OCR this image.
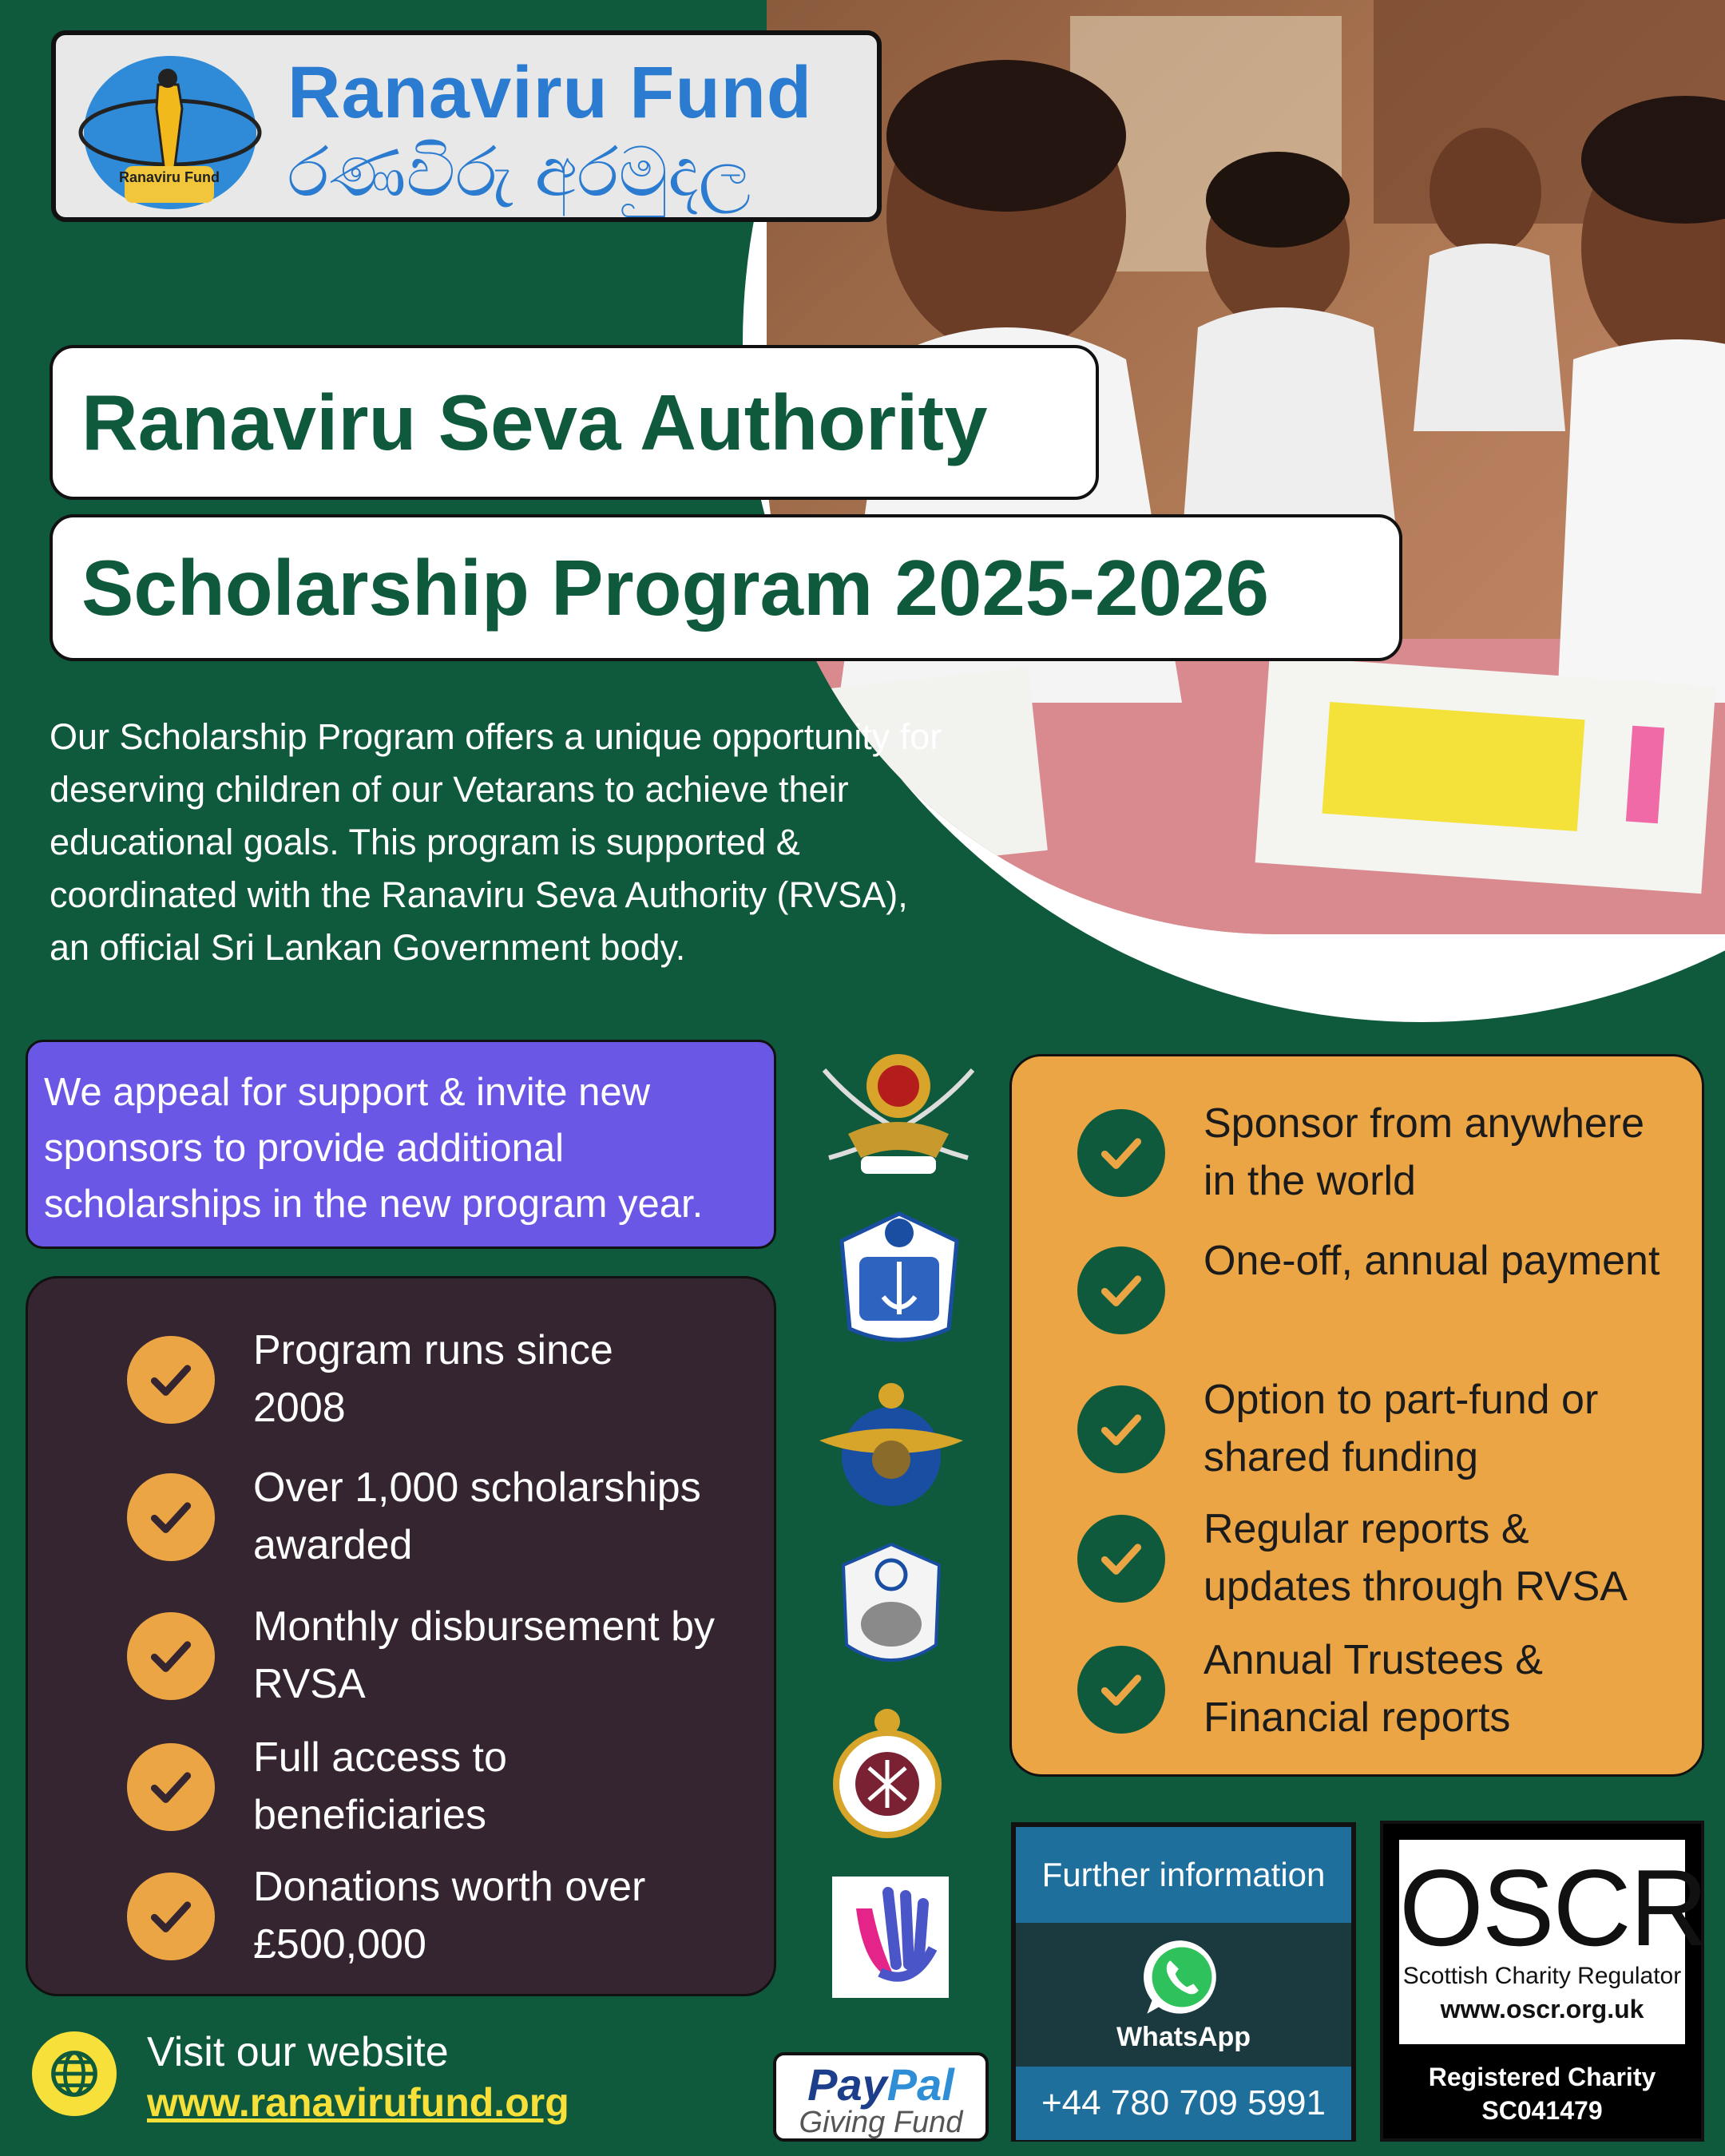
Ranaviru Fund
Ranaviru Fund
රණවිරු අරමුදල
Ranaviru Seva Authority
Scholarship Program 2025-2026
Our Scholarship Program offers a unique opportunity for deserving children of our Vetarans to achieve their educational goals. This program is supported & coordinated with the Ranaviru Seva Authority (RVSA), an official Sri Lankan Government body.
We appeal for support & invite new sponsors to provide additional scholarships in the new program year.
Program runs since 2008
Over 1,000 scholarships awarded
Monthly disbursement by RVSA
Full access to beneficiaries
Donations worth over £500,000
Sponsor from anywhere in the world
One-off, annual payment
Option to part-fund or shared funding
Regular reports & updates through RVSA
Annual Trustees & Financial reports
Visit our website
www.ranavirufund.org	PayPal
Giving Fund
Further information
WhatsApp
+44 780 709 5991
OSCR
Scottish Charity Regulator
www.oscr.org.uk
Registered Charity
SC041479
